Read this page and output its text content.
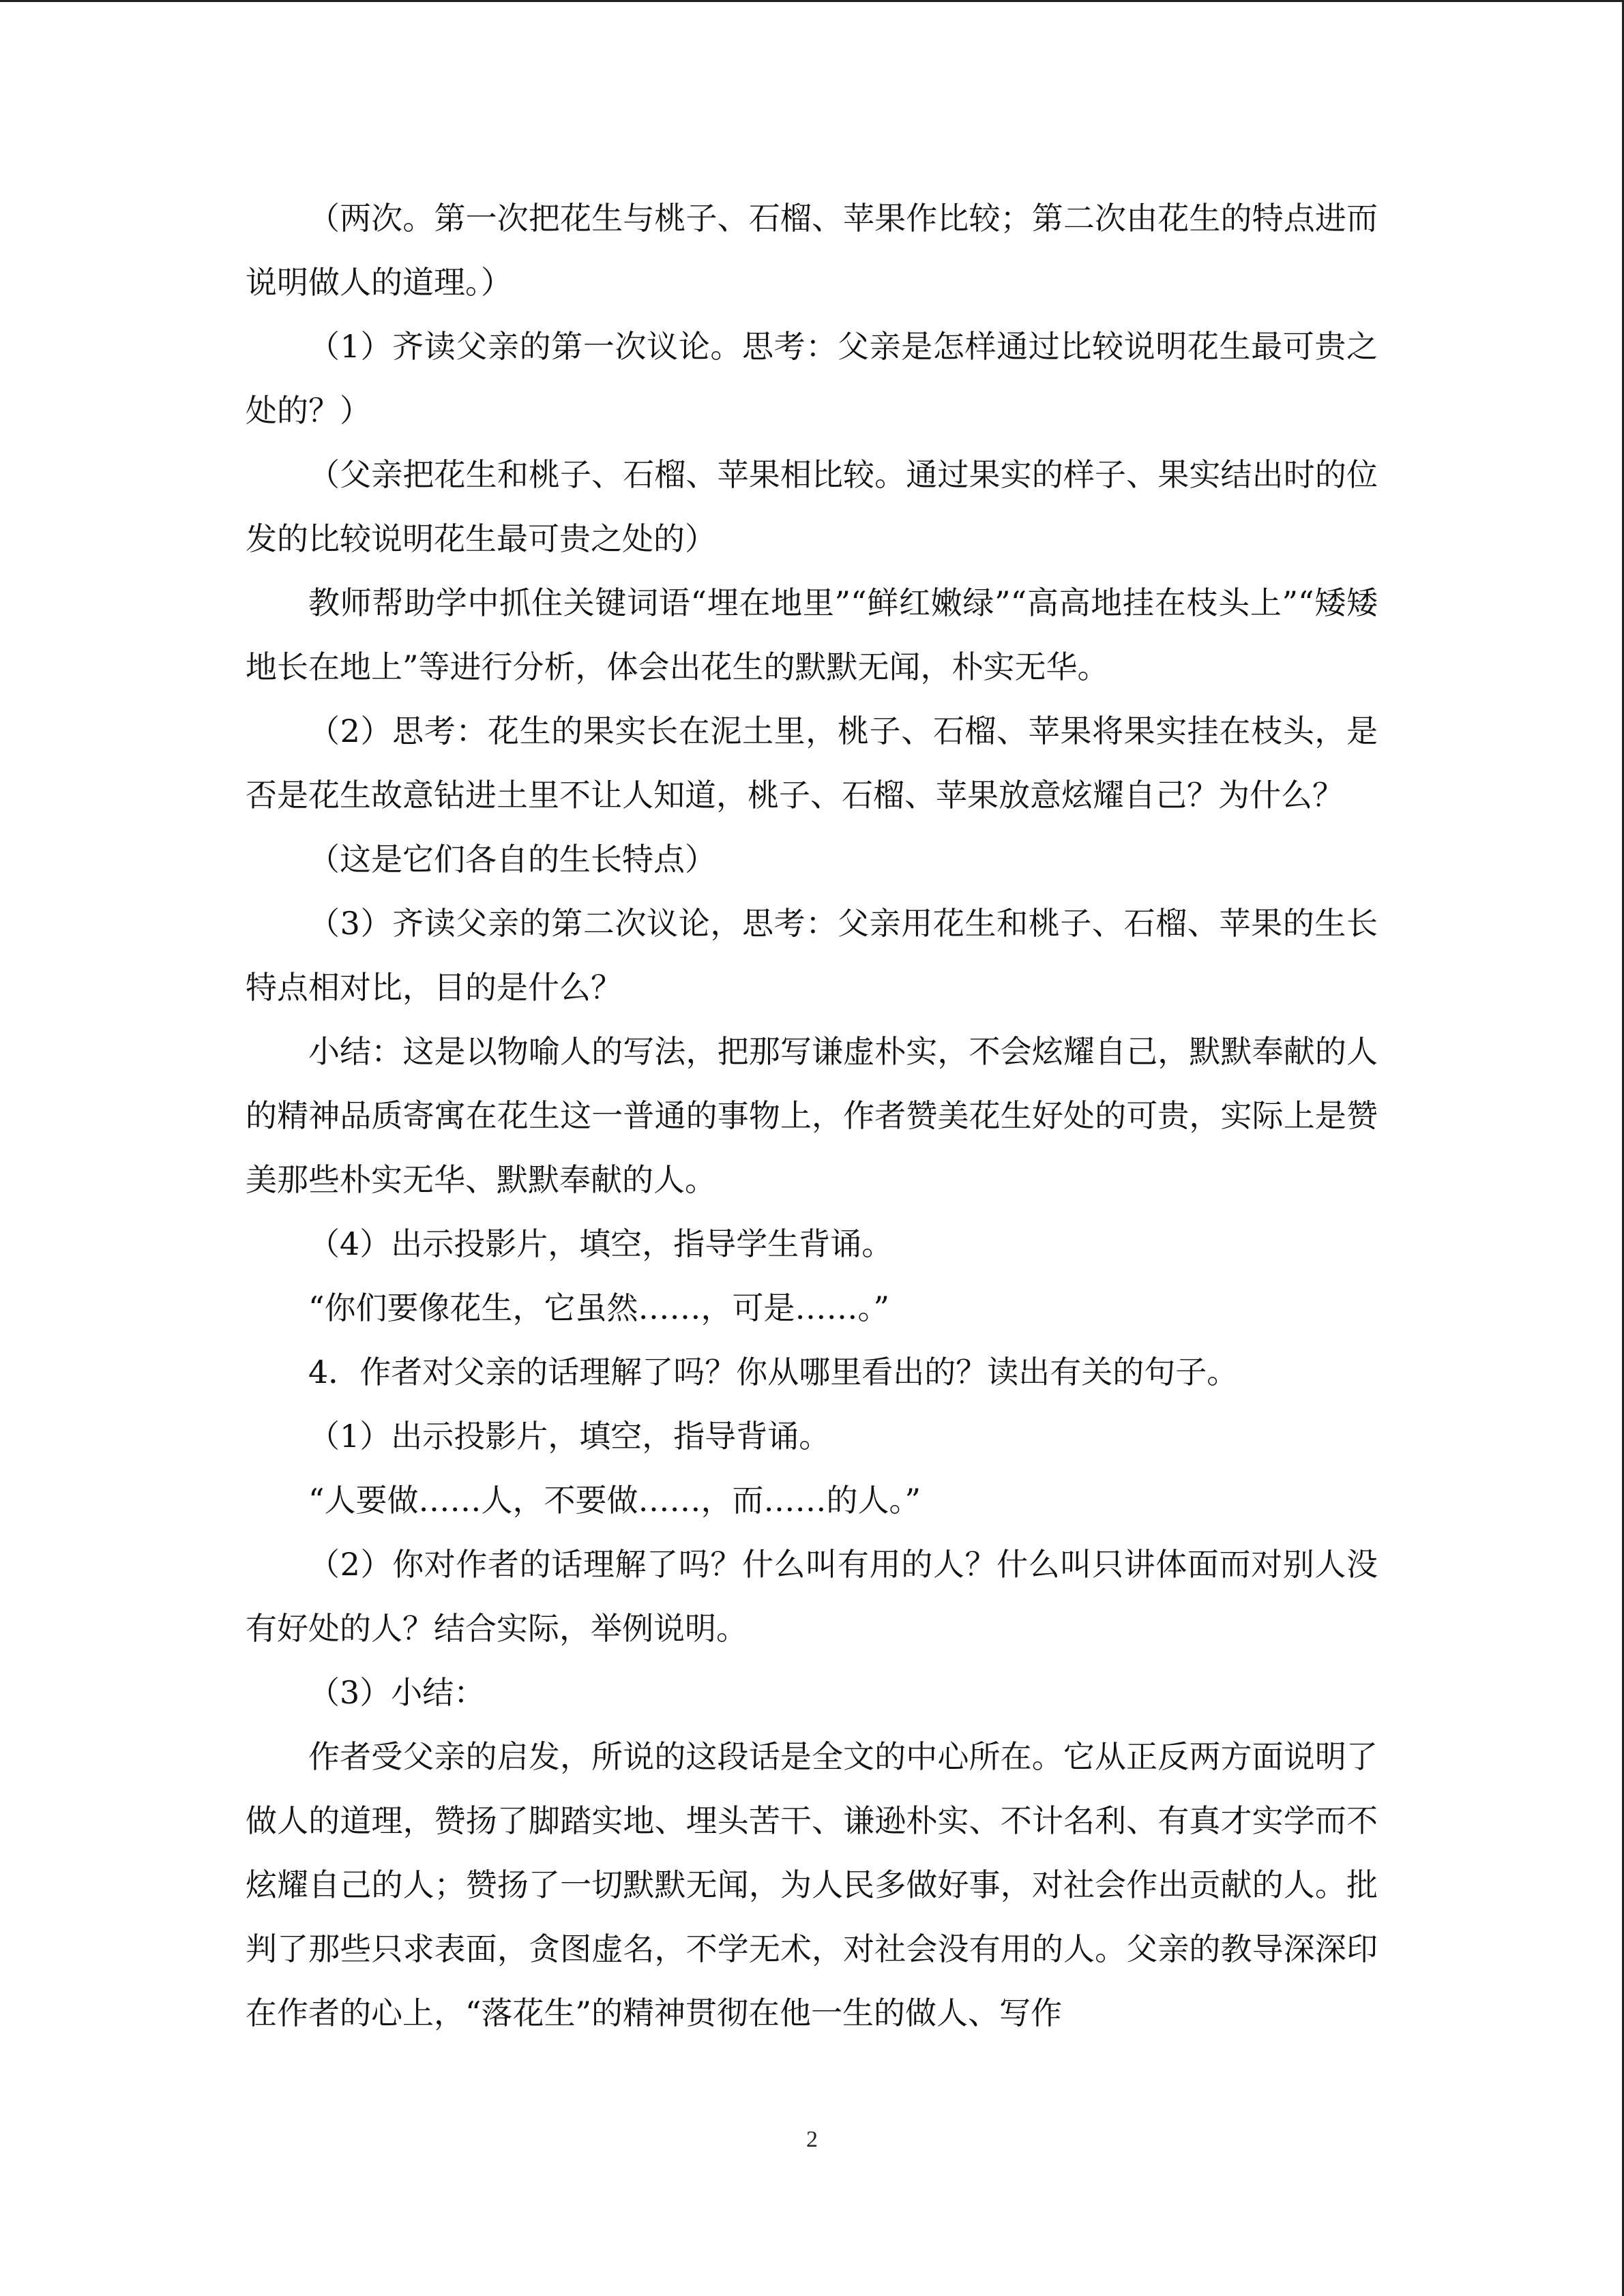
（两次。第一次把花生与桃子、石榴、苹果作比较；第二次由花生的特点进而说明做人的道理。）

（1）齐读父亲的第一次议论。思考：父亲是怎样通过比较说明花生最可贵之处的？）

（父亲把花生和桃子、石榴、苹果相比较。通过果实的样子、果实结出时的位发的比较说明花生最可贵之处的）

教师帮助学中抓住关键词语“埋在地里”“鲜红嫩绿”“高高地挂在枝头上”“矮矮地长在地上”等进行分析，体会出花生的默默无闻，朴实无华。

（2）思考：花生的果实长在泥土里，桃子、石榴、苹果将果实挂在枝头，是否是花生故意钻进土里不让人知道，桃子、石榴、苹果放意炫耀自己？为什么？

（这是它们各自的生长特点）

（3）齐读父亲的第二次议论，思考：父亲用花生和桃子、石榴、苹果的生长特点相对比，目的是什么？

小结：这是以物喻人的写法，把那写谦虚朴实，不会炫耀自己，默默奉献的人的精神品质寄寓在花生这一普通的事物上，作者赞美花生好处的可贵，实际上是赞美那些朴实无华、默默奉献的人。

（4）出示投影片，填空，指导学生背诵。

“你们要像花生，它虽然……，可是……。”

4．作者对父亲的话理解了吗？你从哪里看出的？读出有关的句子。

（1）出示投影片，填空，指导背诵。

“人要做……人，不要做……，而……的人。”

（2）你对作者的话理解了吗？什么叫有用的人？什么叫只讲体面而对别人没有好处的人？结合实际，举例说明。

（3）小结：

作者受父亲的启发，所说的这段话是全文的中心所在。它从正反两方面说明了做人的道理，赞扬了脚踏实地、埋头苦干、谦逊朴实、不计名利、有真才实学而不炫耀自己的人；赞扬了一切默默无闻，为人民多做好事，对社会作出贡献的人。批判了那些只求表面，贪图虚名，不学无术，对社会没有用的人。父亲的教导深深印在作者的心上，“落花生”的精神贯彻在他一生的做人、写作

2
